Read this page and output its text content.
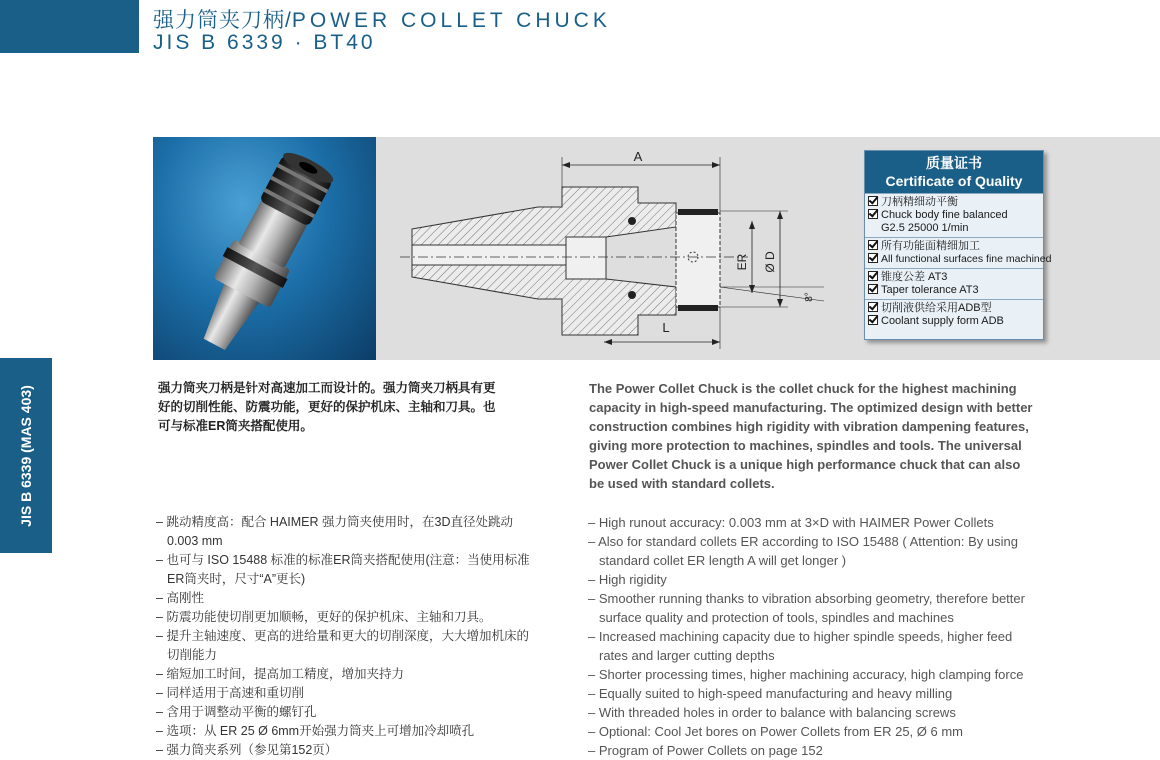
强力筒夹刀柄/POWER COLLET CHUCK
JIS B 6339 · BT40
JIS B 6339 (MAS 403)
A
L
ER Ø D
8°
质量证书
Certificate of Quality
刀柄精细动平衡
Chuck body fine balanced
G2.5 25000 1/min
所有功能面精细加工
All functional surfaces fine machined
锥度公差 AT3
Taper tolerance AT3
切削液供给采用ADB型
Coolant supply form ADB
强力筒夹刀柄是针对高速加工而设计的。强力筒夹刀柄具有更好的切削性能、防震功能，更好的保护机床、主轴和刀具。也可与标准ER筒夹搭配使用。
The Power Collet Chuck is the collet chuck for the highest machining capacity in high-speed manufacturing. The optimized design with better construction combines high rigidity with vibration dampening features, giving more protection to machines, spindles and tools. The universal Power Collet Chuck is a unique high performance chuck that can also be used with standard collets.
– 跳动精度高：配合 HAIMER 强力筒夹使用时，在3D直径处跳动0.003 mm
– 也可与 ISO 15488 标准的标准ER筒夹搭配使用(注意：当使用标准ER筒夹时，尺寸“A”更长)
– 高刚性
– 防震功能使切削更加顺畅，更好的保护机床、主轴和刀具。
– 提升主轴速度、更高的进给量和更大的切削深度，大大增加机床的切削能力
– 缩短加工时间，提高加工精度，增加夹持力
– 同样适用于高速和重切削
– 含用于调整动平衡的螺钉孔
– 选项：从 ER 25 Ø 6mm开始强力筒夹上可增加冷却喷孔
– 强力筒夹系列（参见第152页）
– High runout accuracy: 0.003 mm at 3×D with HAIMER Power Collets
– Also for standard collets ER according to ISO 15488 ( Attention: By using standard collet ER length A will get longer )
– High rigidity
– Smoother running thanks to vibration absorbing geometry, therefore better surface quality and protection of tools, spindles and machines
– Increased machining capacity due to higher spindle speeds, higher feed rates and larger cutting depths
– Shorter processing times, higher machining accuracy, high clamping force
– Equally suited to high-speed manufacturing and heavy milling
– With threaded holes in order to balance with balancing screws
– Optional: Cool Jet bores on Power Collets from ER 25, Ø 6 mm
– Program of Power Collets on page 152
